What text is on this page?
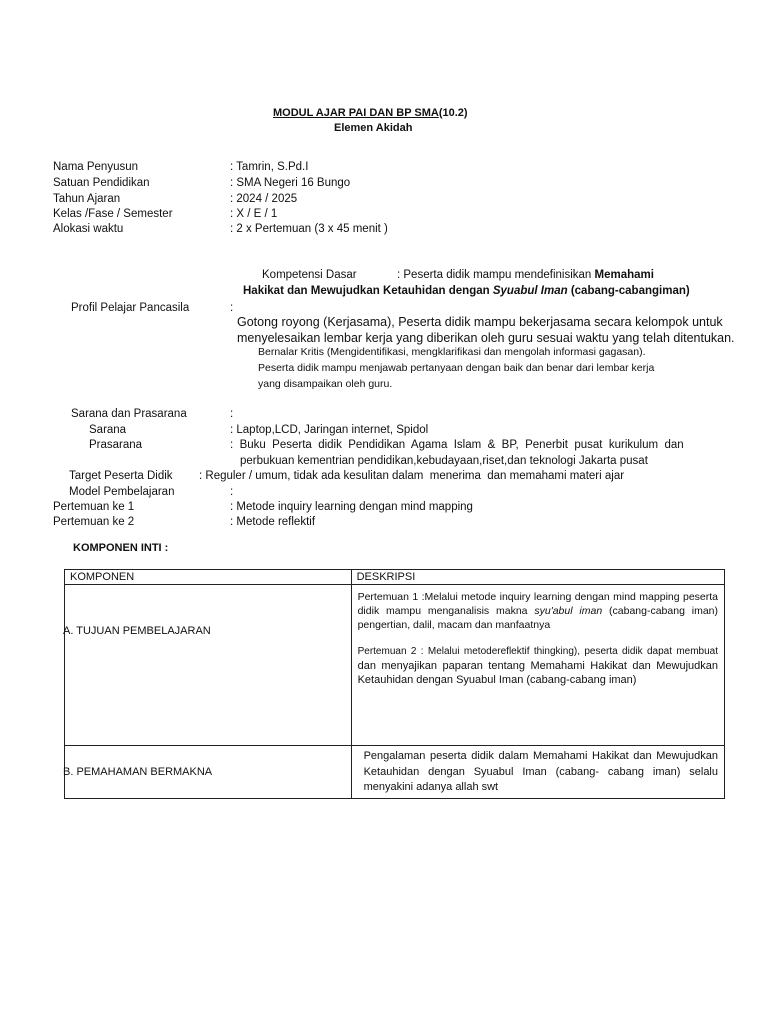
MODUL AJAR PAI DAN BP SMA(10.2)
Elemen Akidah
Nama Penyusun	: Tamrin, S.Pd.I
Satuan Pendidikan	: SMA Negeri 16 Bungo
Tahun Ajaran	: 2024 / 2025
Kelas /Fase / Semester	: X / E / 1
Alokasi waktu	: 2 x Pertemuan (3 x 45 menit )
Kompetensi Dasar	: Peserta didik mampu mendefinisikan Memahami
Hakikat dan Mewujudkan Ketauhidan dengan Syuabul Iman (cabang-cabangiman)
Profil Pelajar Pancasila	:
Gotong royong (Kerjasama), Peserta didik mampu bekerjasama secara kelompok untuk
menyelesaikan lembar kerja yang diberikan oleh guru sesuai waktu yang telah ditentukan.
Bernalar Kritis (Mengidentifikasi, mengklarifikasi dan mengolah informasi gagasan).
Peserta didik mampu menjawab pertanyaan dengan baik dan benar dari lembar kerja
yang disampaikan oleh guru.
Sarana dan Prasarana	:
Sarana	: Laptop,LCD, Jaringan internet, Spidol
Prasarana	:  Buku  Peserta  didik  Pendidikan  Agama  Islam  &  BP,  Penerbit  pusat  kurikulum  dan
perbukuan kementrian pendidikan,kebudayaan,riset,dan teknologi Jakarta pusat
Target Peserta Didik : Reguler / umum, tidak ada kesulitan dalam  menerima  dan memahami materi ajar
Model Pembelajaran	:
Pertemuan ke 1	: Metode inquiry learning dengan mind mapping
Pertemuan ke 2	: Metode reflektif
KOMPONEN INTI :
KOMPONEN	DESKRIPSI

A. TUJUAN PEMBELAJARAN	Pertemuan 1 :Melalui metode inquiry learning dengan mind mapping peserta didik mampu menganalisis makna syu'abul iman (cabang-cabang iman) pengertian, dalil, macam dan manfaatnya
Pertemuan 2 : Melalui metodereflektif thingking), peserta didik dapat membuat dan menyajikan paparan tentang Memahami Hakikat dan Mewujudkan Ketauhidan dengan Syuabul Iman (cabang-cabang iman)

B. PEMAHAMAN BERMAKNA	Pengalaman peserta didik dalam Memahami Hakikat dan Mewujudkan Ketauhidan dengan Syuabul Iman (cabang- cabang iman) selalu menyakini adanya allah swt
